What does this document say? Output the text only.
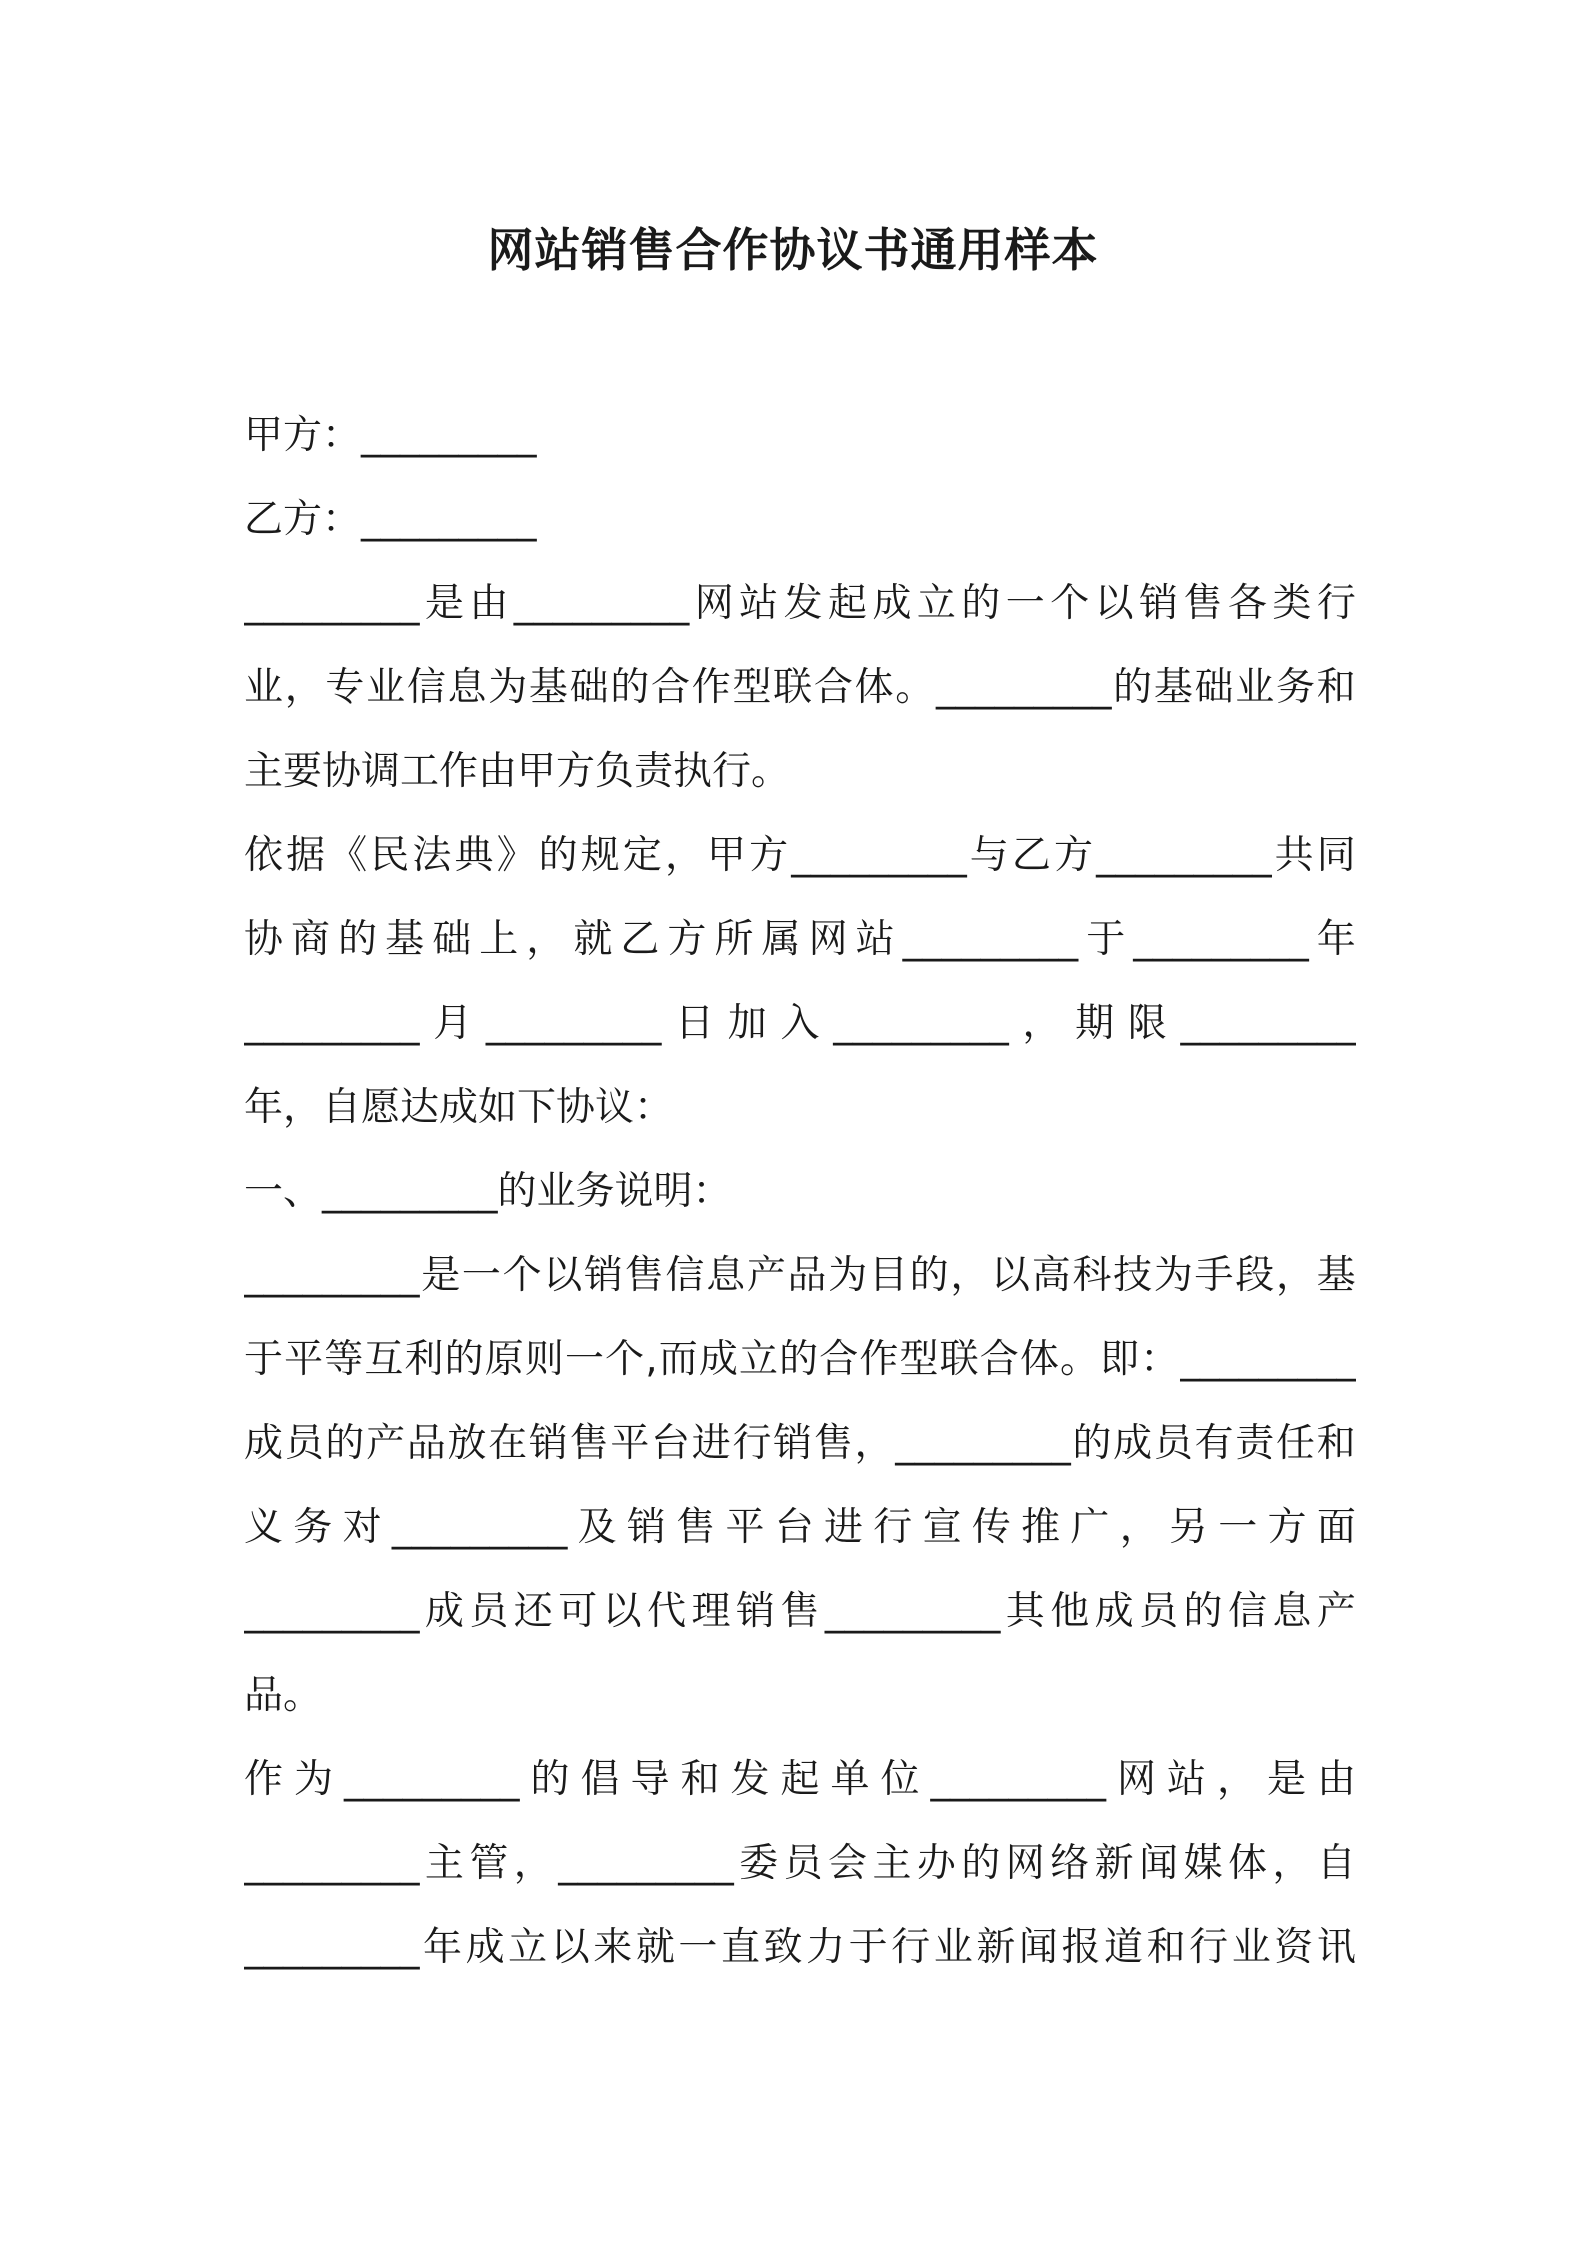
网站销售合作协议书通用样本

甲方：_________

乙方：_________

_________ 是 由 _________ 网 站 发 起 成 立 的 一 个 以 销 售 各 类 行

业 ， 专 业 信 息 为 基 础 的 合 作 型 联 合 体 。 _________ 的 基 础 业 务 和

主要协调工作由甲方负责执行。

依 据 《 民 法 典 》 的 规 定 ， 甲 方 _________ 与 乙 方 _________ 共 同

协 商 的 基 础 上 ， 就 乙 方 所 属 网 站 _________ 于 _________ 年

_________ 月 _________ 日 加 入 _________ ， 期 限 _________

年，自愿达成如下协议：

一、_________的业务说明：

_________ 是 一 个 以 销 售 信 息 产 品 为 目 的 ， 以 高 科 技 为 手 段 ， 基

于 平 等 互 利 的 原 则 一 个 , 而 成 立 的 合 作 型 联 合 体 。 即 ： _________

成 员 的 产 品 放 在 销 售 平 台 进 行 销 售 ， _________ 的 成 员 有 责 任 和

义 务 对 _________ 及 销 售 平 台 进 行 宣 传 推 广 ， 另 一 方 面

_________ 成 员 还 可 以 代 理 销 售 _________ 其 他 成 员 的 信 息 产

品。

作 为 _________ 的 倡 导 和 发 起 单 位 _________ 网 站 ， 是 由

_________ 主 管 ， _________ 委 员 会 主 办 的 网 络 新 闻 媒 体 ， 自

_________ 年 成 立 以 来 就 一 直 致 力 于 行 业 新 闻 报 道 和 行 业 资 讯
